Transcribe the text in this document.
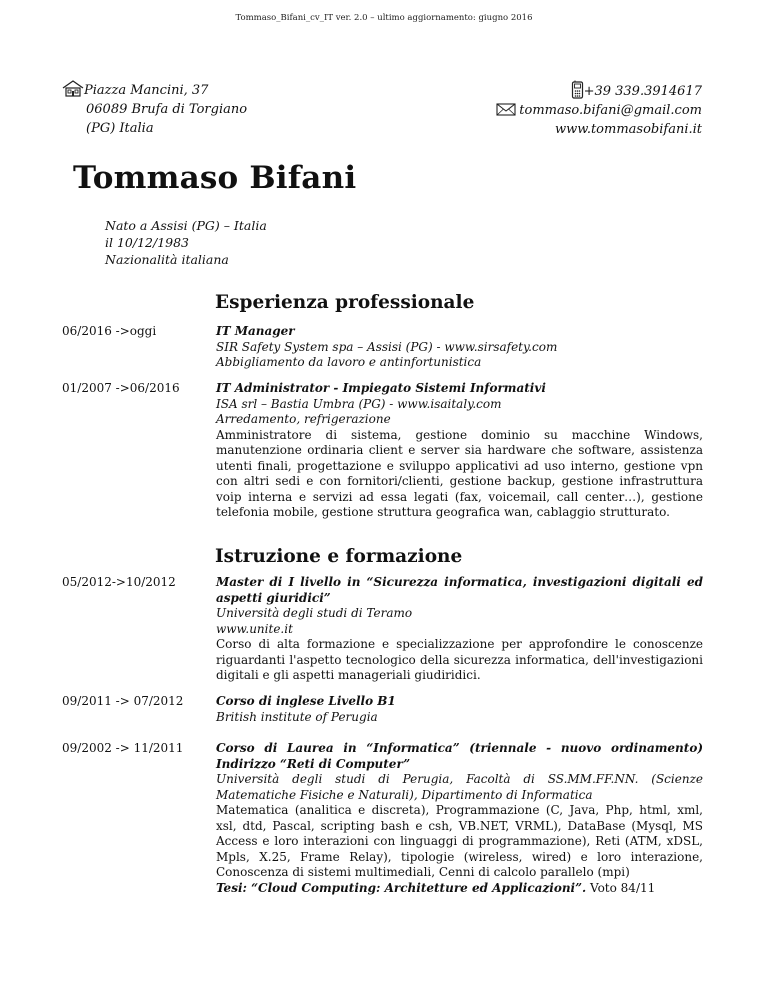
Tommaso_Bifani_cv_IT ver. 2.0 – ultimo aggiornamento: giugno 2016
Piazza Mancini, 37
06089 Brufa di Torgiano
(PG) Italia
+39 339.3914617
tommaso.bifani@gmail.com
www.tommasobifani.it
Tommaso Bifani
Nato a Assisi (PG) – Italia
il 10/12/1983
Nazionalità italiana
Esperienza professionale
06/2016 ->oggi	IT Manager
SIR Safety System spa – Assisi (PG) - www.sirsafety.com
Abbigliamento da lavoro e antinfortunistica
01/2007 ->06/2016	IT Administrator - Impiegato Sistemi Informativi
ISA srl – Bastia Umbra (PG) - www.isaitaly.com
Arredamento, refrigerazione
Amministratore di sistema, gestione dominio su macchine Windows, manutenzione ordinaria client e server sia hardware che software, assistenza utenti finali, progettazione e sviluppo applicativi ad uso interno, gestione vpn con altri sedi e con fornitori/clienti, gestione backup, gestione infrastruttura voip interna e servizi ad essa legati (fax, voicemail, call center…), gestione telefonia mobile, gestione struttura geografica wan, cablaggio strutturato.
Istruzione e formazione
05/2012->10/2012	Master di I livello in “Sicurezza informatica, investigazioni digitali ed aspetti giuridici”
Università degli studi di Teramo
www.unite.it
Corso di alta formazione e specializzazione per approfondire le conoscenze riguardanti l'aspetto tecnologico della sicurezza informatica, dell'investigazioni digitali e gli aspetti manageriali giudiridici.
09/2011 -> 07/2012	Corso di inglese Livello B1
British institute of Perugia
09/2002 -> 11/2011	Corso di Laurea in “Informatica” (triennale - nuovo ordinamento) Indirizzo “Reti di Computer”
Università degli studi di Perugia, Facoltà di SS.MM.FF.NN. (Scienze Matematiche Fisiche e Naturali), Dipartimento di Informatica
Matematica (analitica e discreta), Programmazione (C, Java, Php, html, xml, xsl, dtd, Pascal, scripting bash e csh, VB.NET, VRML), DataBase (Mysql, MS Access e loro interazioni con linguaggi di programmazione), Reti (ATM, xDSL, Mpls, X.25, Frame Relay), tipologie (wireless, wired) e loro interazione, Conoscenza di sistemi multimediali, Cenni di calcolo parallelo (mpi)
Tesi: “Cloud Computing: Architetture ed Applicazioni”. Voto 84/11
